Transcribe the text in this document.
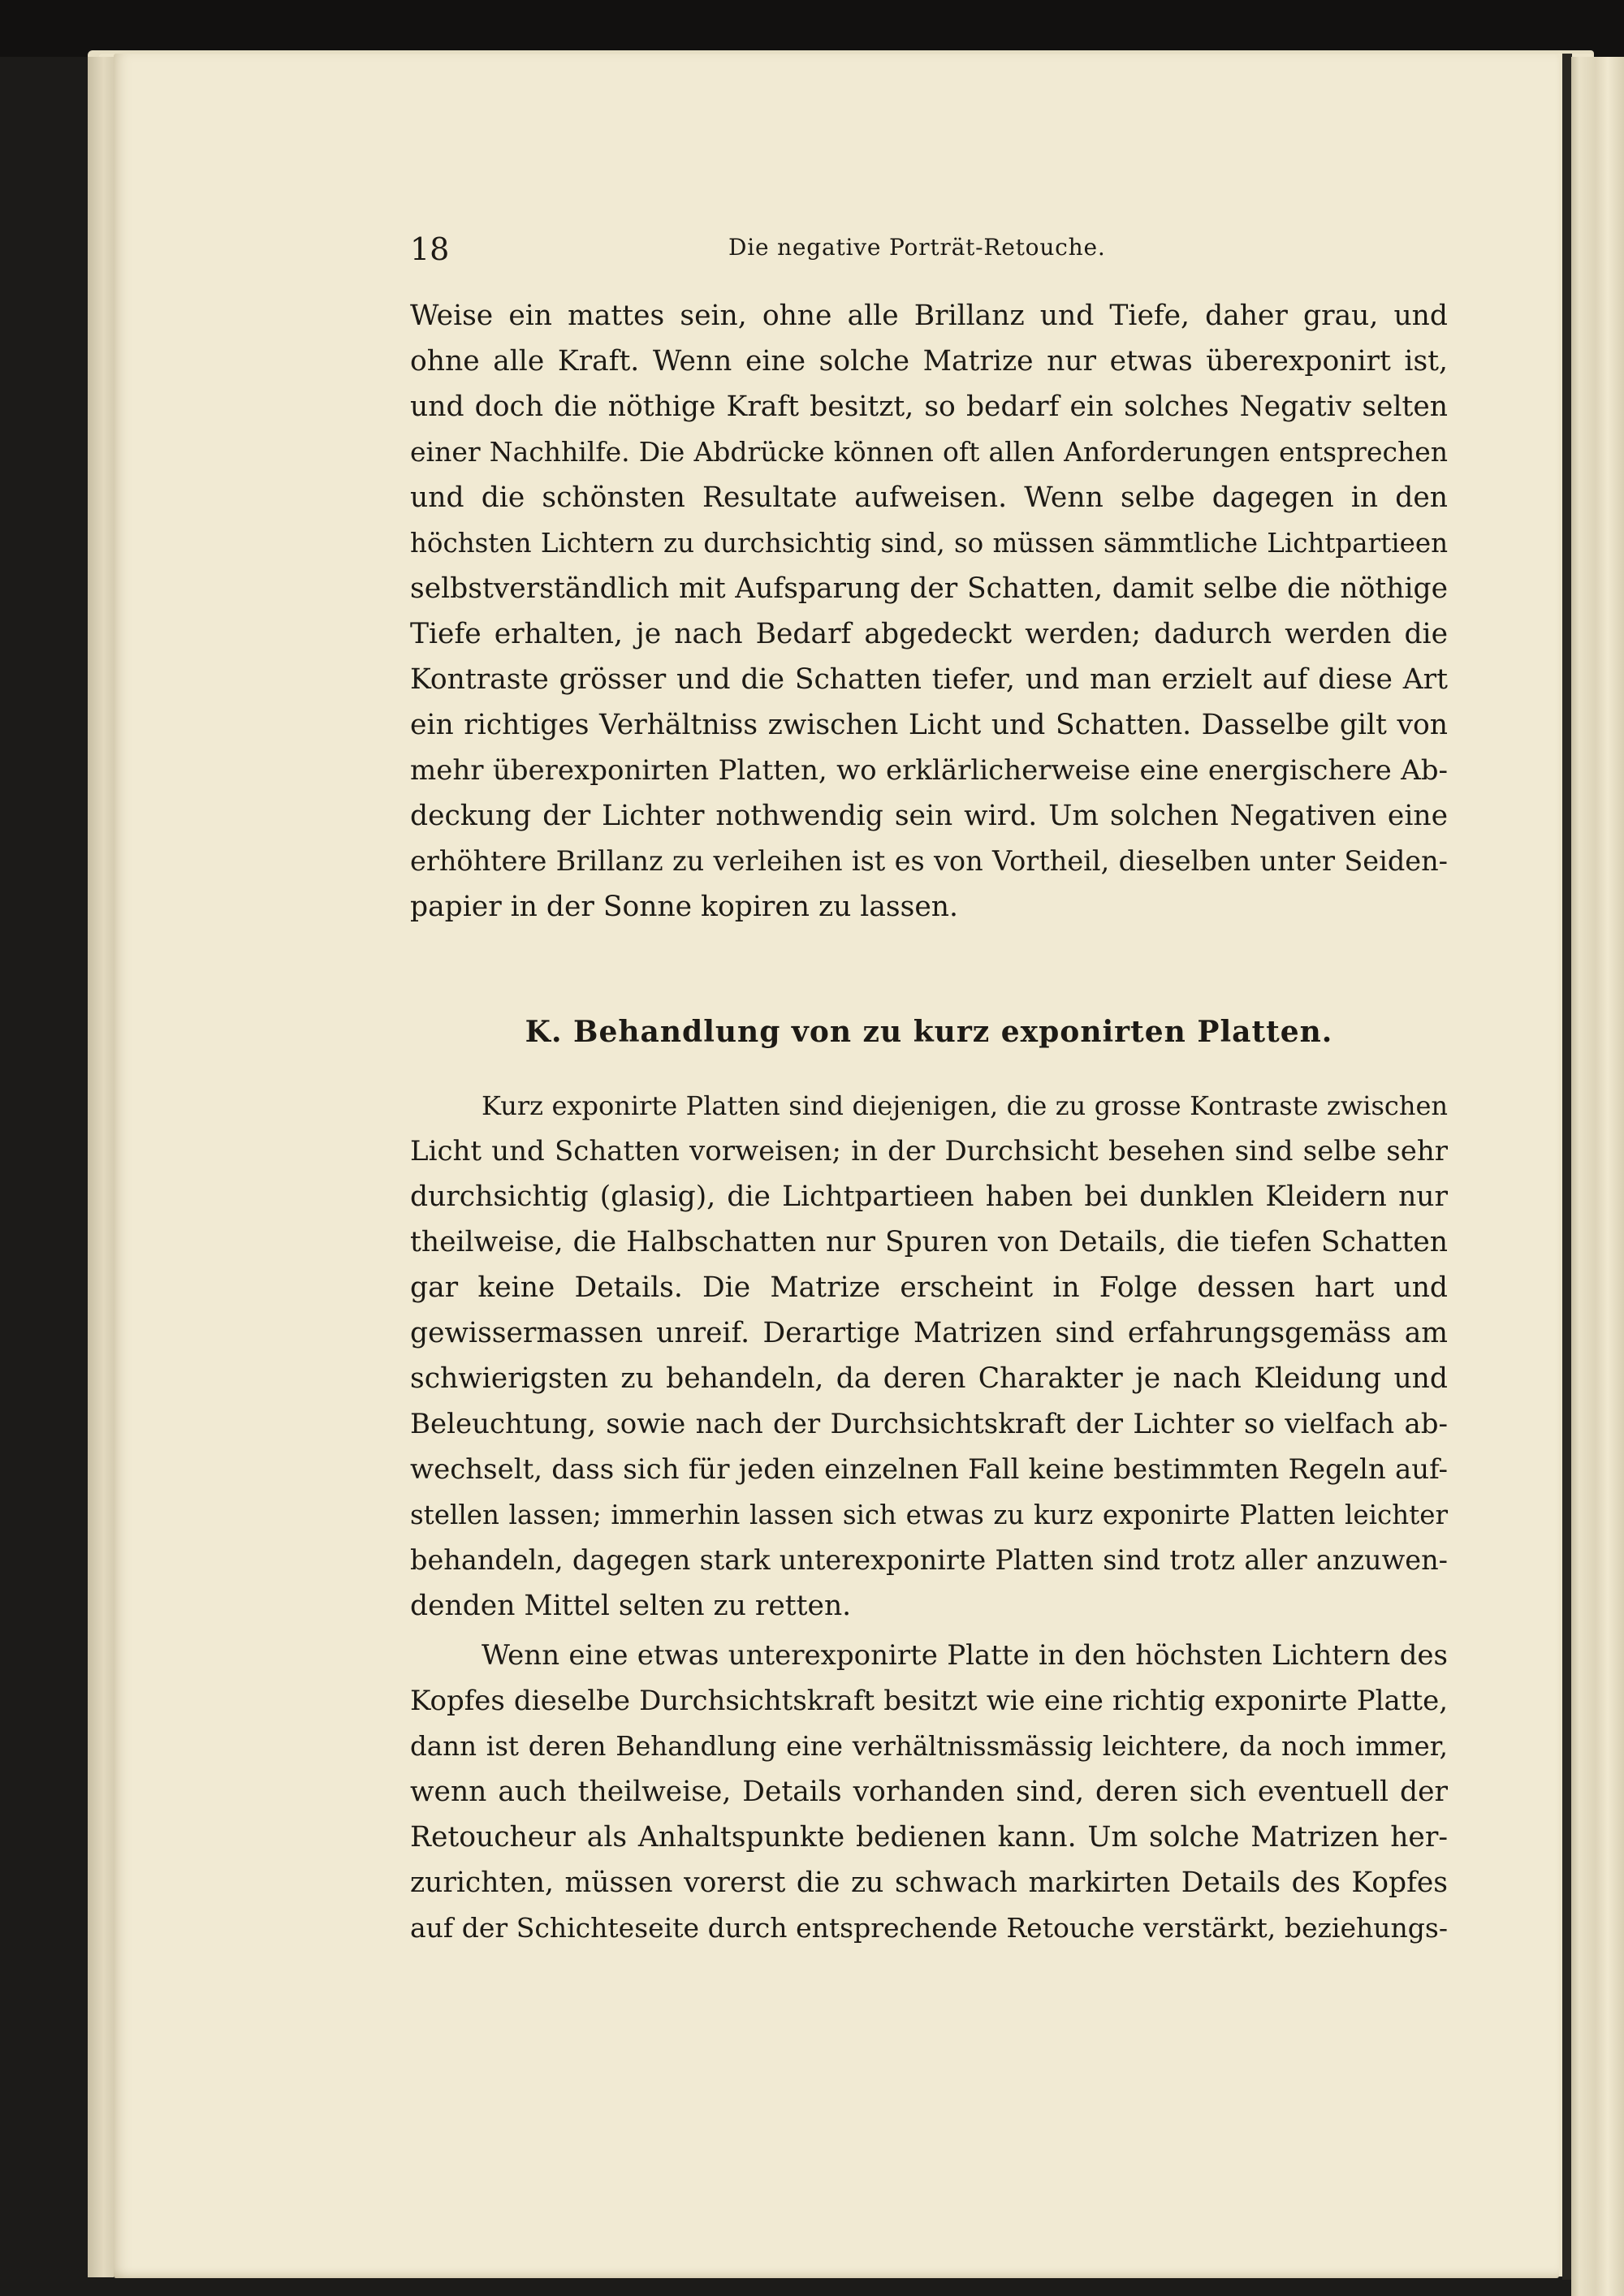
18	Die negative Porträt-Retouche.
Weise ein mattes sein, ohne alle Brillanz und Tiefe, daher grau, und
ohne alle Kraft. Wenn eine solche Matrize nur etwas überexponirt ist,
und doch die nöthige Kraft besitzt, so bedarf ein solches Negativ selten
einer Nachhilfe. Die Abdrücke können oft allen Anforderungen entsprechen
und die schönsten Resultate aufweisen. Wenn selbe dagegen in den
höchsten Lichtern zu durchsichtig sind, so müssen sämmtliche Lichtpartieen
selbstverständlich mit Aufsparung der Schatten, damit selbe die nöthige
Tiefe erhalten, je nach Bedarf abgedeckt werden; dadurch werden die
Kontraste grösser und die Schatten tiefer, und man erzielt auf diese Art
ein richtiges Verhältniss zwischen Licht und Schatten. Dasselbe gilt von
mehr überexponirten Platten, wo erklärlicherweise eine energischere Ab-
deckung der Lichter nothwendig sein wird. Um solchen Negativen eine
erhöhtere Brillanz zu verleihen ist es von Vortheil, dieselben unter Seiden-
papier in der Sonne kopiren zu lassen.
K. Behandlung von zu kurz exponirten Platten.
Kurz exponirte Platten sind diejenigen, die zu grosse Kontraste zwischen
Licht und Schatten vorweisen; in der Durchsicht besehen sind selbe sehr
durchsichtig (glasig), die Lichtpartieen haben bei dunklen Kleidern nur
theilweise, die Halbschatten nur Spuren von Details, die tiefen Schatten
gar keine Details. Die Matrize erscheint in Folge dessen hart und
gewissermassen unreif. Derartige Matrizen sind erfahrungsgemäss am
schwierigsten zu behandeln, da deren Charakter je nach Kleidung und
Beleuchtung, sowie nach der Durchsichtskraft der Lichter so vielfach ab-
wechselt, dass sich für jeden einzelnen Fall keine bestimmten Regeln auf-
stellen lassen; immerhin lassen sich etwas zu kurz exponirte Platten leichter
behandeln, dagegen stark unterexponirte Platten sind trotz aller anzuwen-
denden Mittel selten zu retten.
Wenn eine etwas unterexponirte Platte in den höchsten Lichtern des
Kopfes dieselbe Durchsichtskraft besitzt wie eine richtig exponirte Platte,
dann ist deren Behandlung eine verhältnissmässig leichtere, da noch immer,
wenn auch theilweise, Details vorhanden sind, deren sich eventuell der
Retoucheur als Anhaltspunkte bedienen kann. Um solche Matrizen her-
zurichten, müssen vorerst die zu schwach markirten Details des Kopfes
auf der Schichteseite durch entsprechende Retouche verstärkt, beziehungs-
